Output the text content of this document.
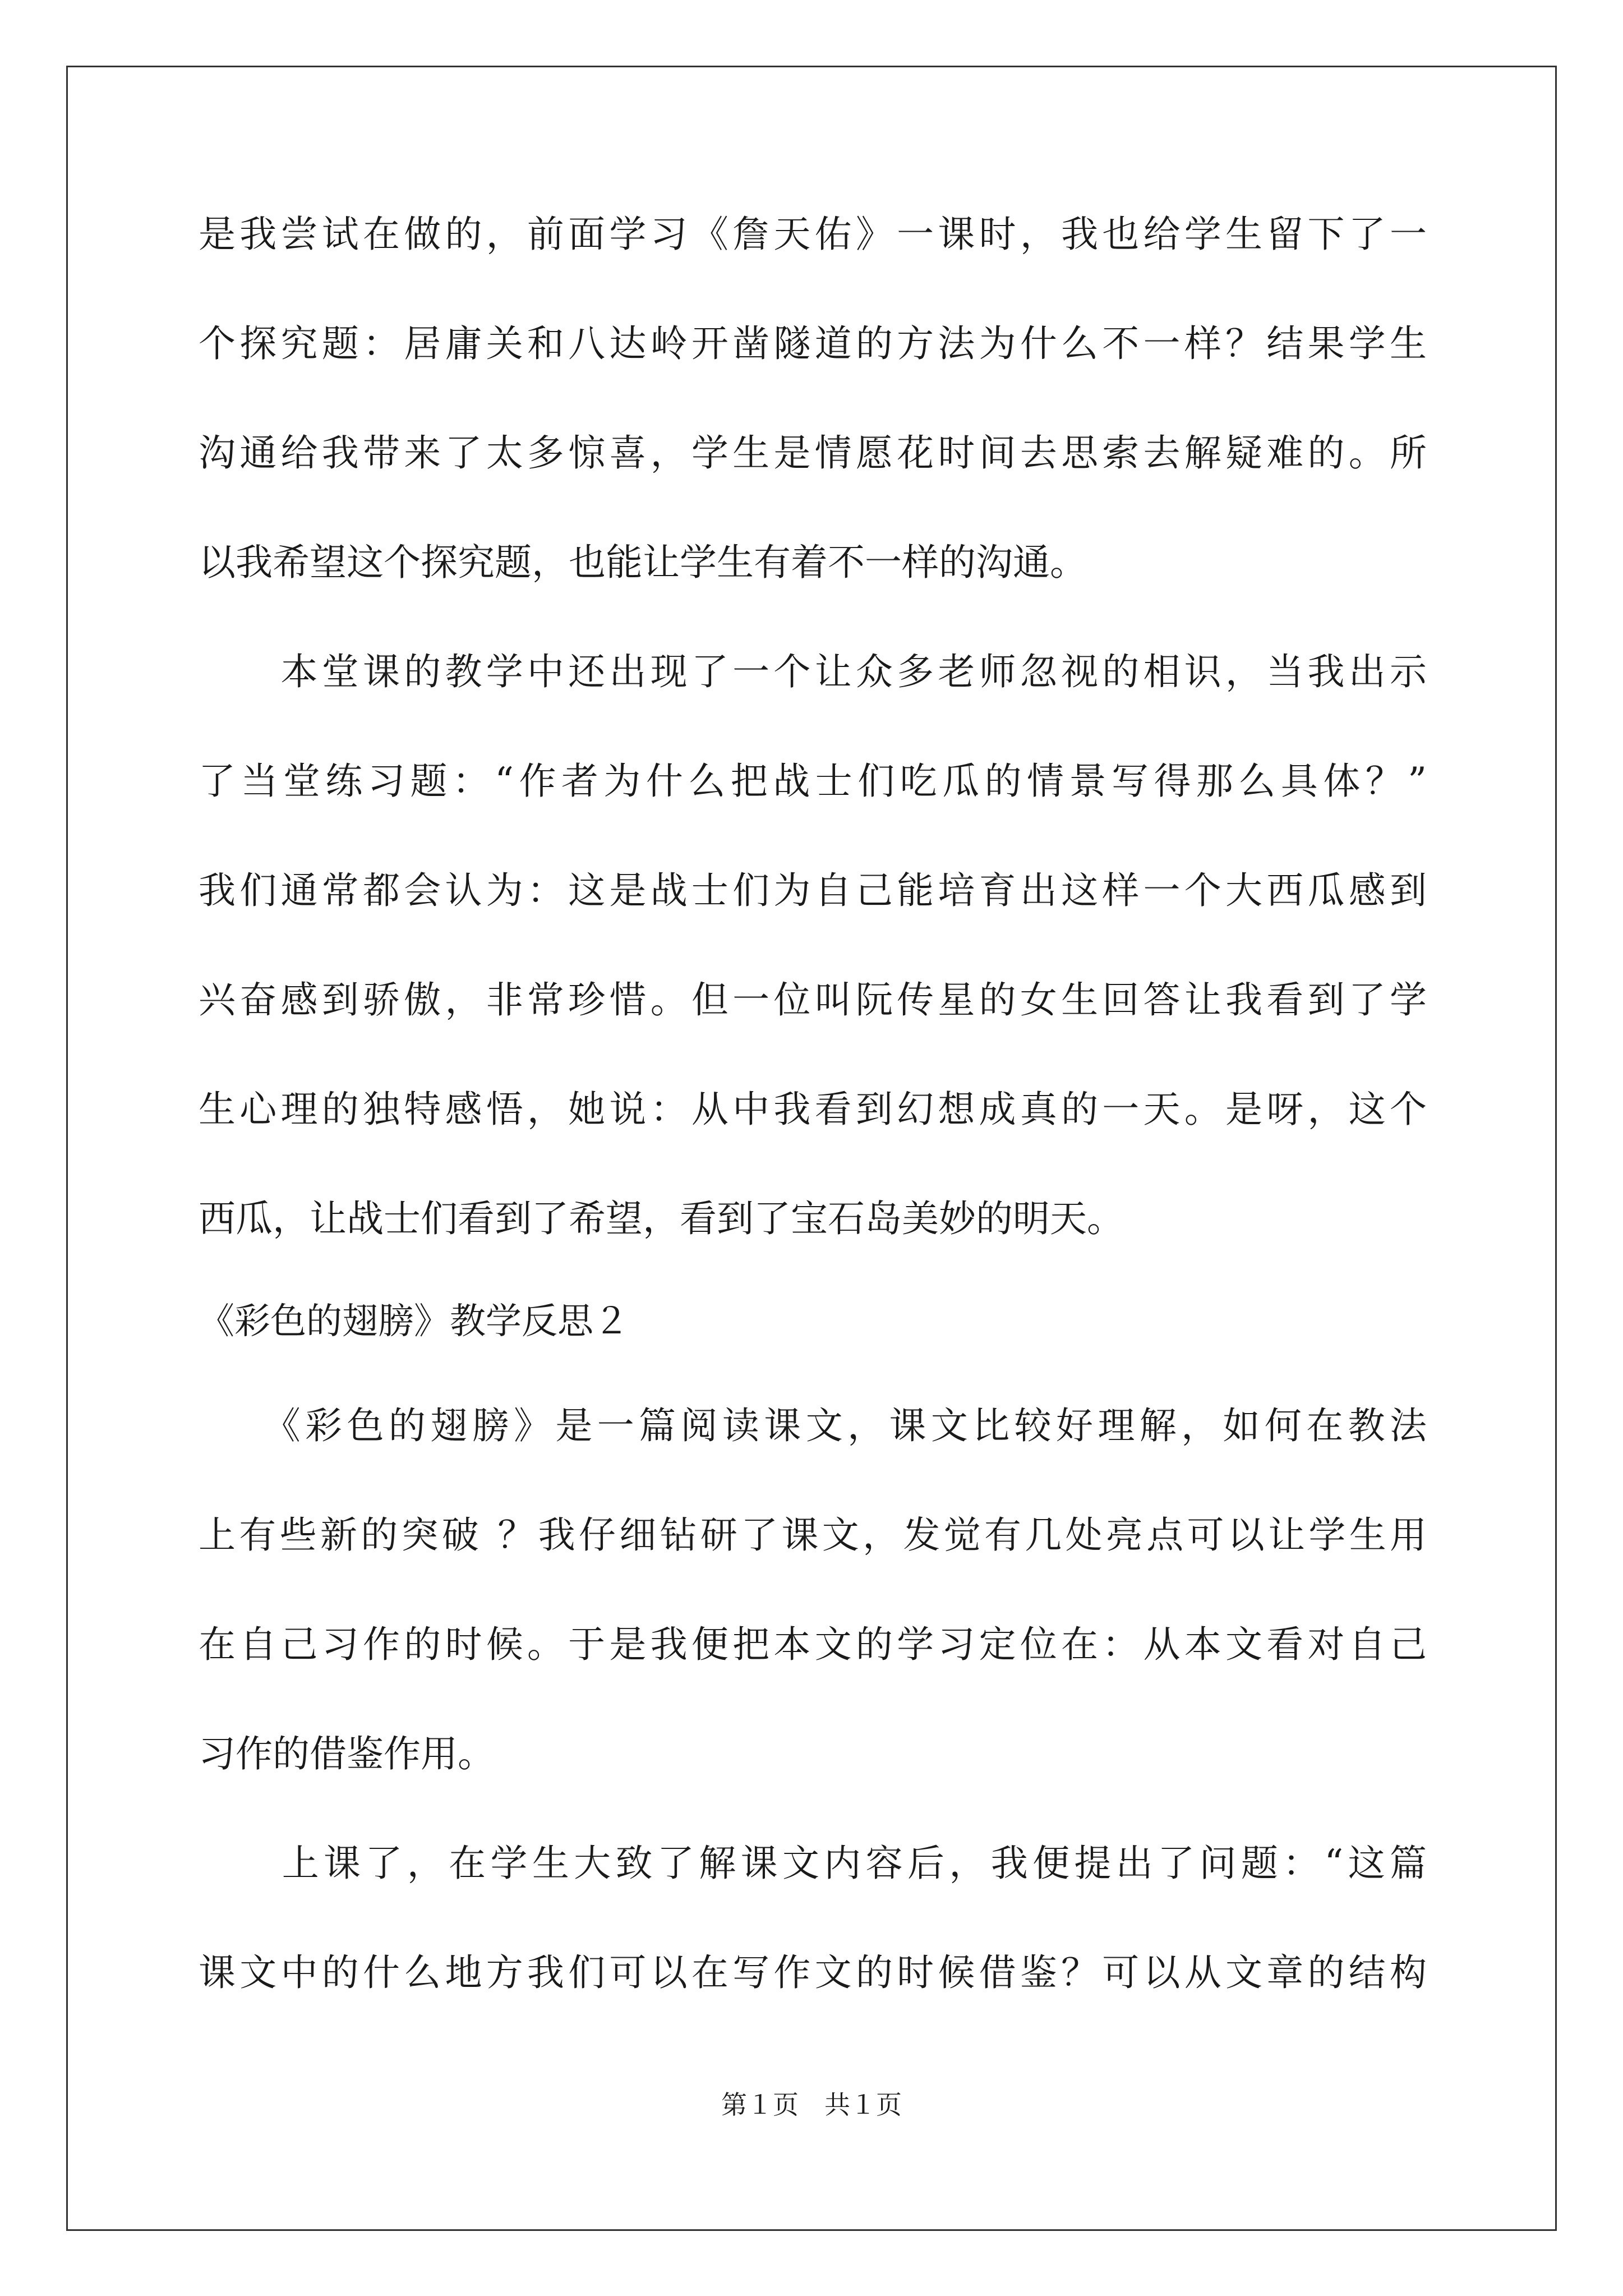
是我尝试在做的，前面学习《詹天佑》一课时，我也给学生留下了一
个探究题：居庸关和八达岭开凿隧道的方法为什么不一样？结果学生
沟通给我带来了太多惊喜，学生是情愿花时间去思索去解疑难的。所
以我希望这个探究题，也能让学生有着不一样的沟通。
　　本堂课的教学中还出现了一个让众多老师忽视的相识，当我出示
了当堂练习题：“作者为什么把战士们吃瓜的情景写得那么具体？”
我们通常都会认为：这是战士们为自己能培育出这样一个大西瓜感到
兴奋感到骄傲，非常珍惜。但一位叫阮传星的女生回答让我看到了学
生心理的独特感悟，她说：从中我看到幻想成真的一天。是呀，这个
西瓜，让战士们看到了希望，看到了宝石岛美妙的明天。
《彩色的翅膀》教学反思２
　　《彩色的翅膀》是一篇阅读课文，课文比较好理解，如何在教法
上有些新的突破 ？我仔细钻研了课文，发觉有几处亮点可以让学生用
在自己习作的时候。于是我便把本文的学习定位在：从本文看对自己
习作的借鉴作用。
　　上课了，在学生大致了解课文内容后，我便提出了问题：“这篇
课文中的什么地方我们可以在写作文的时候借鉴？可以从文章的结构
第１页　共１页
